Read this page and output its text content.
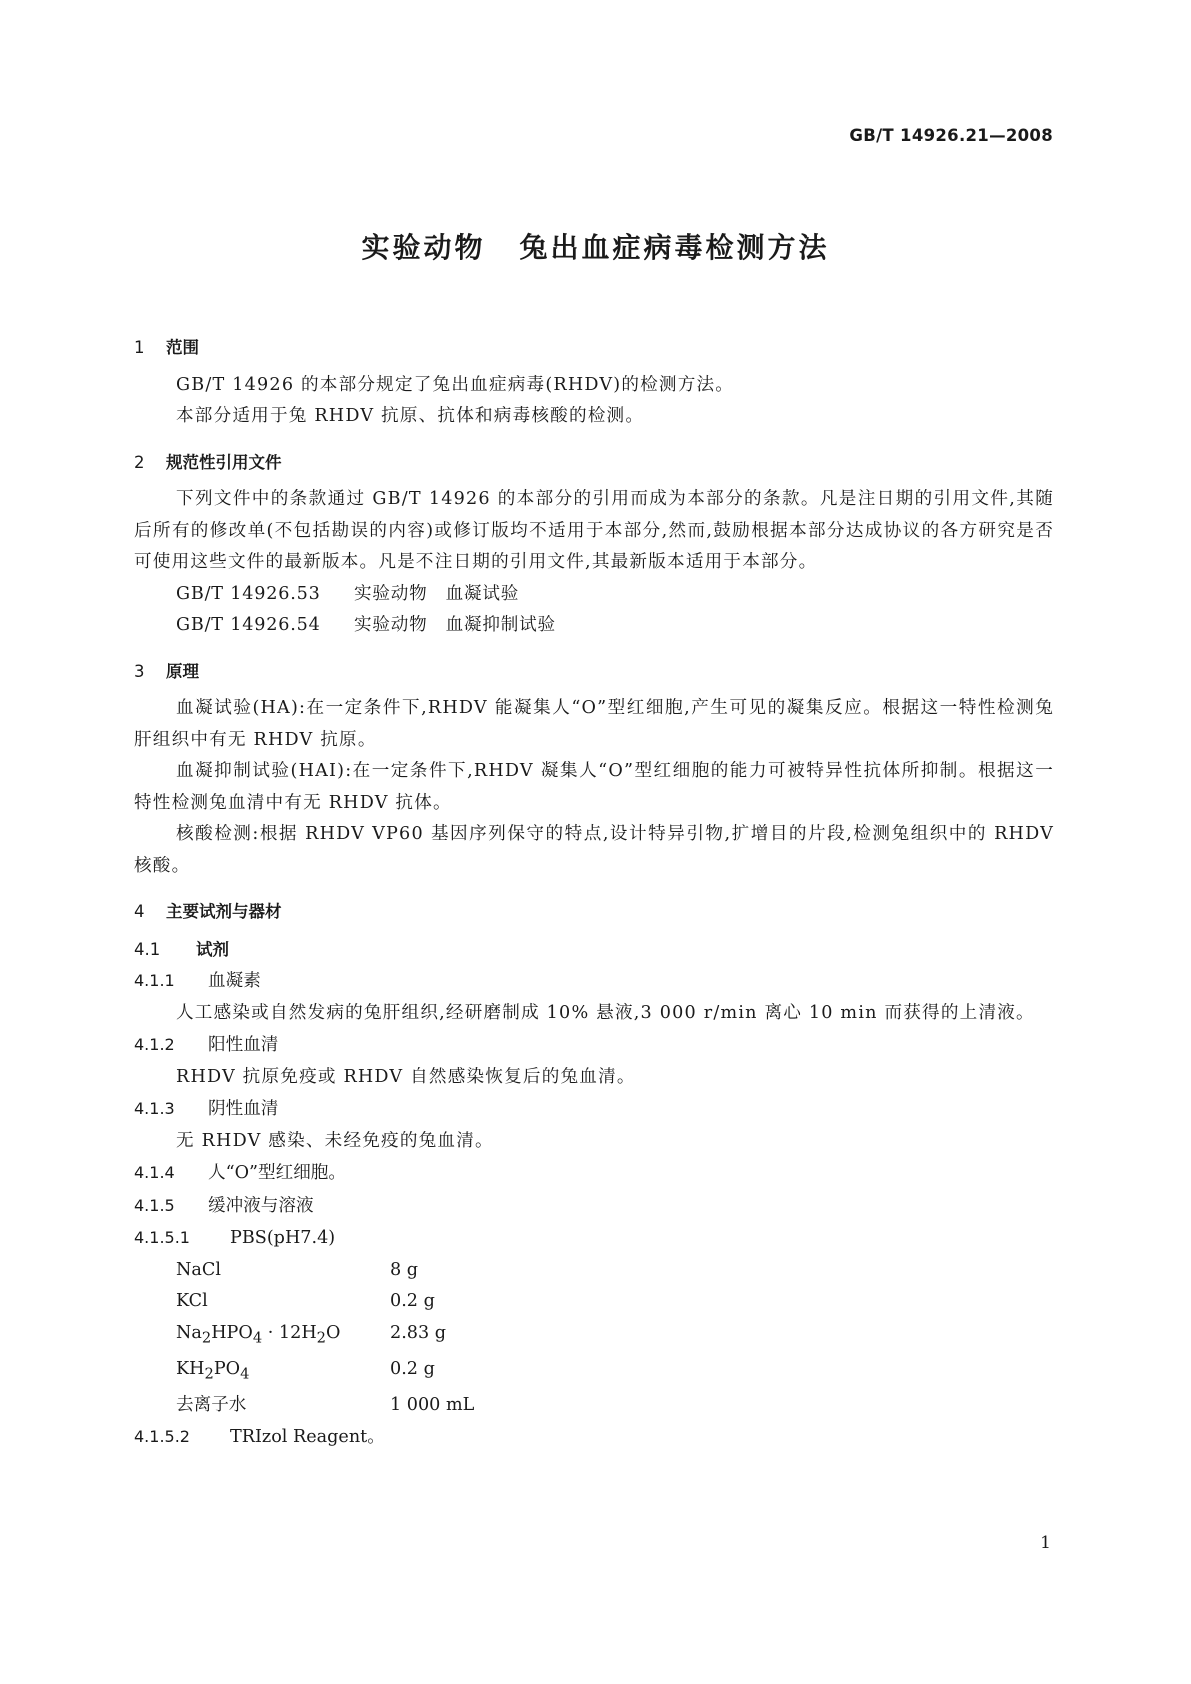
GB/T 14926.21—2008
实验动物 兔出血症病毒检测方法
1 范围
GB/T 14926 的本部分规定了兔出血症病毒(RHDV)的检测方法。
本部分适用于兔 RHDV 抗原、抗体和病毒核酸的检测。
2 规范性引用文件
下列文件中的条款通过 GB/T 14926 的本部分的引用而成为本部分的条款。凡是注日期的引用文件,其随后所有的修改单(不包括勘误的内容)或修订版均不适用于本部分,然而,鼓励根据本部分达成协议的各方研究是否可使用这些文件的最新版本。凡是不注日期的引用文件,其最新版本适用于本部分。
GB/T 14926.53 实验动物 血凝试验
GB/T 14926.54 实验动物 血凝抑制试验
3 原理
血凝试验(HA):在一定条件下,RHDV 能凝集人“O”型红细胞,产生可见的凝集反应。根据这一特性检测兔肝组织中有无 RHDV 抗原。
血凝抑制试验(HAI):在一定条件下,RHDV 凝集人“O”型红细胞的能力可被特异性抗体所抑制。根据这一特性检测兔血清中有无 RHDV 抗体。
核酸检测:根据 RHDV VP60 基因序列保守的特点,设计特异引物,扩增目的片段,检测兔组织中的 RHDV 核酸。
4 主要试剂与器材
4.1 试剂
4.1.1 血凝素
人工感染或自然发病的兔肝组织,经研磨制成 10% 悬液,3 000 r/min 离心 10 min 而获得的上清液。
4.1.2 阳性血清
RHDV 抗原免疫或 RHDV 自然感染恢复后的兔血清。
4.1.3 阴性血清
无 RHDV 感染、未经免疫的兔血清。
4.1.4 人“O”型红细胞。
4.1.5 缓冲液与溶液
4.1.5.1 PBS(pH7.4)
NaCl	8 g
KCl	0.2 g
$Na_2HPO_4 \cdot 12H_2O$	2.83 g
$KH_2PO_4$	0.2 g
去离子水	1 000 mL
4.1.5.2 TRIzol Reagent。
1
